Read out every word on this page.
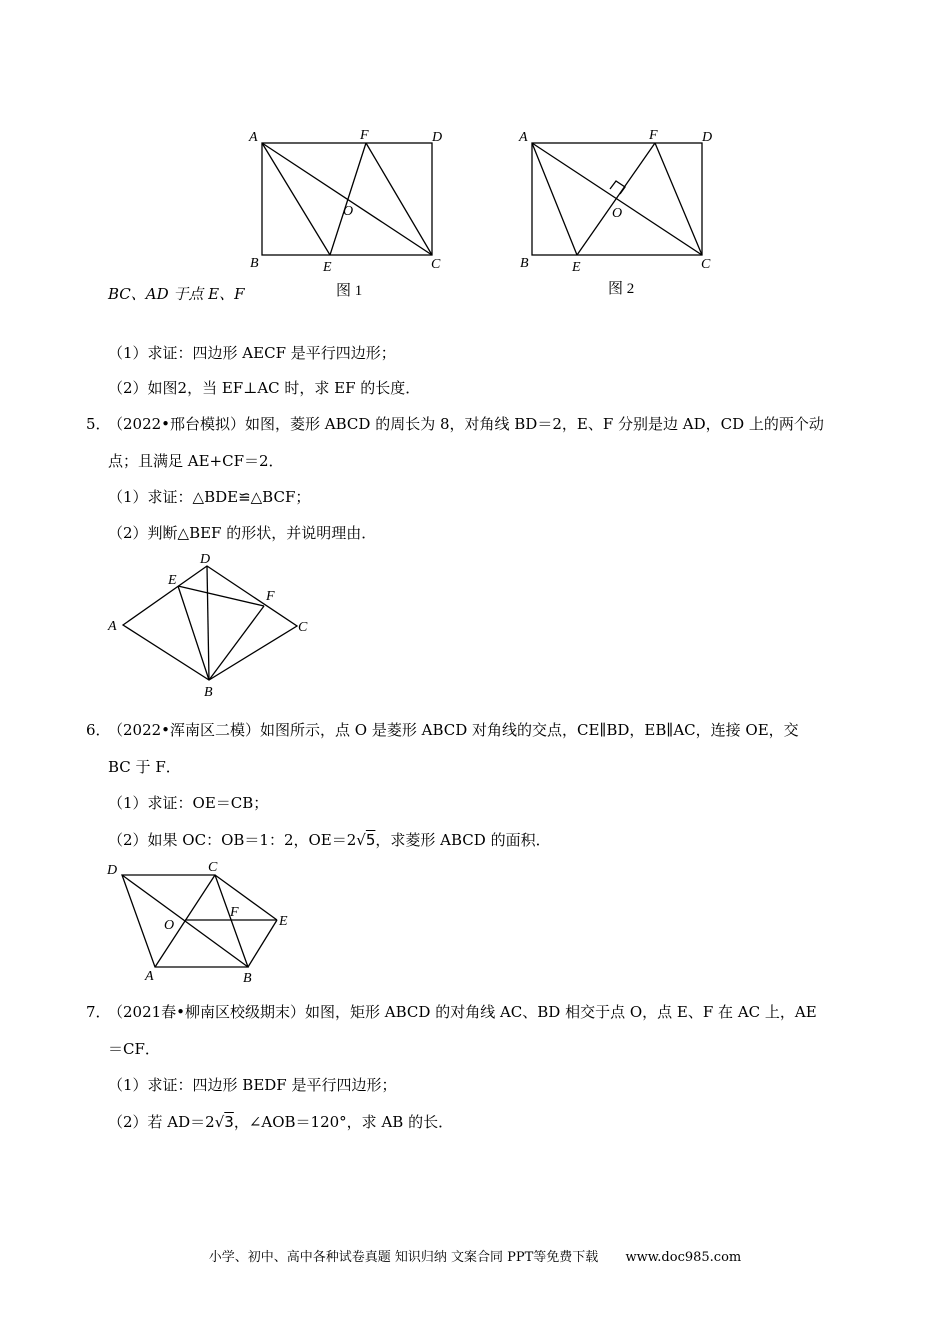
A	F	D
O
B	E	C
图 1
A	F	D
O
B	E	C
图 2
BC、AD 于点 E、F
（1）求证：四边形 AECF 是平行四边形；
（2）如图2，当 EF⊥AC 时，求 EF 的长度．
5．
（2022•邢台模拟）如图，菱形 ABCD 的周长为 8，对角线 BD＝2，E、F 分别是边 AD，CD 上的两个动
点；且满足 AE+CF＝2．
（1）求证：△BDE≌△BCF；
（2）判断△BEF 的形状，并说明理由．
A
D
E
F
C
B
6．
（2022•浑南区二模）如图所示，点 O 是菱形 ABCD 对角线的交点，CE∥BD，EB∥AC，连接 OE，交
BC 于 F．
（1）求证：OE＝CB；
（2）如果 OC：OB＝1：2，OE＝2√5，求菱形 ABCD 的面积．
D	C
O
F
E
A	B
7．
（2021春•柳南区校级期末）如图，矩形 ABCD 的对角线 AC、BD 相交于点 O，点 E、F 在 AC 上，AE
＝CF．
（1）求证：四边形 BEDF 是平行四边形；
（2）若 AD＝2√3，∠AOB＝120°，求 AB 的长．
小学、初中、高中各种试卷真题 知识归纳 文案合同 PPT等免费下载 www.doc985.com
